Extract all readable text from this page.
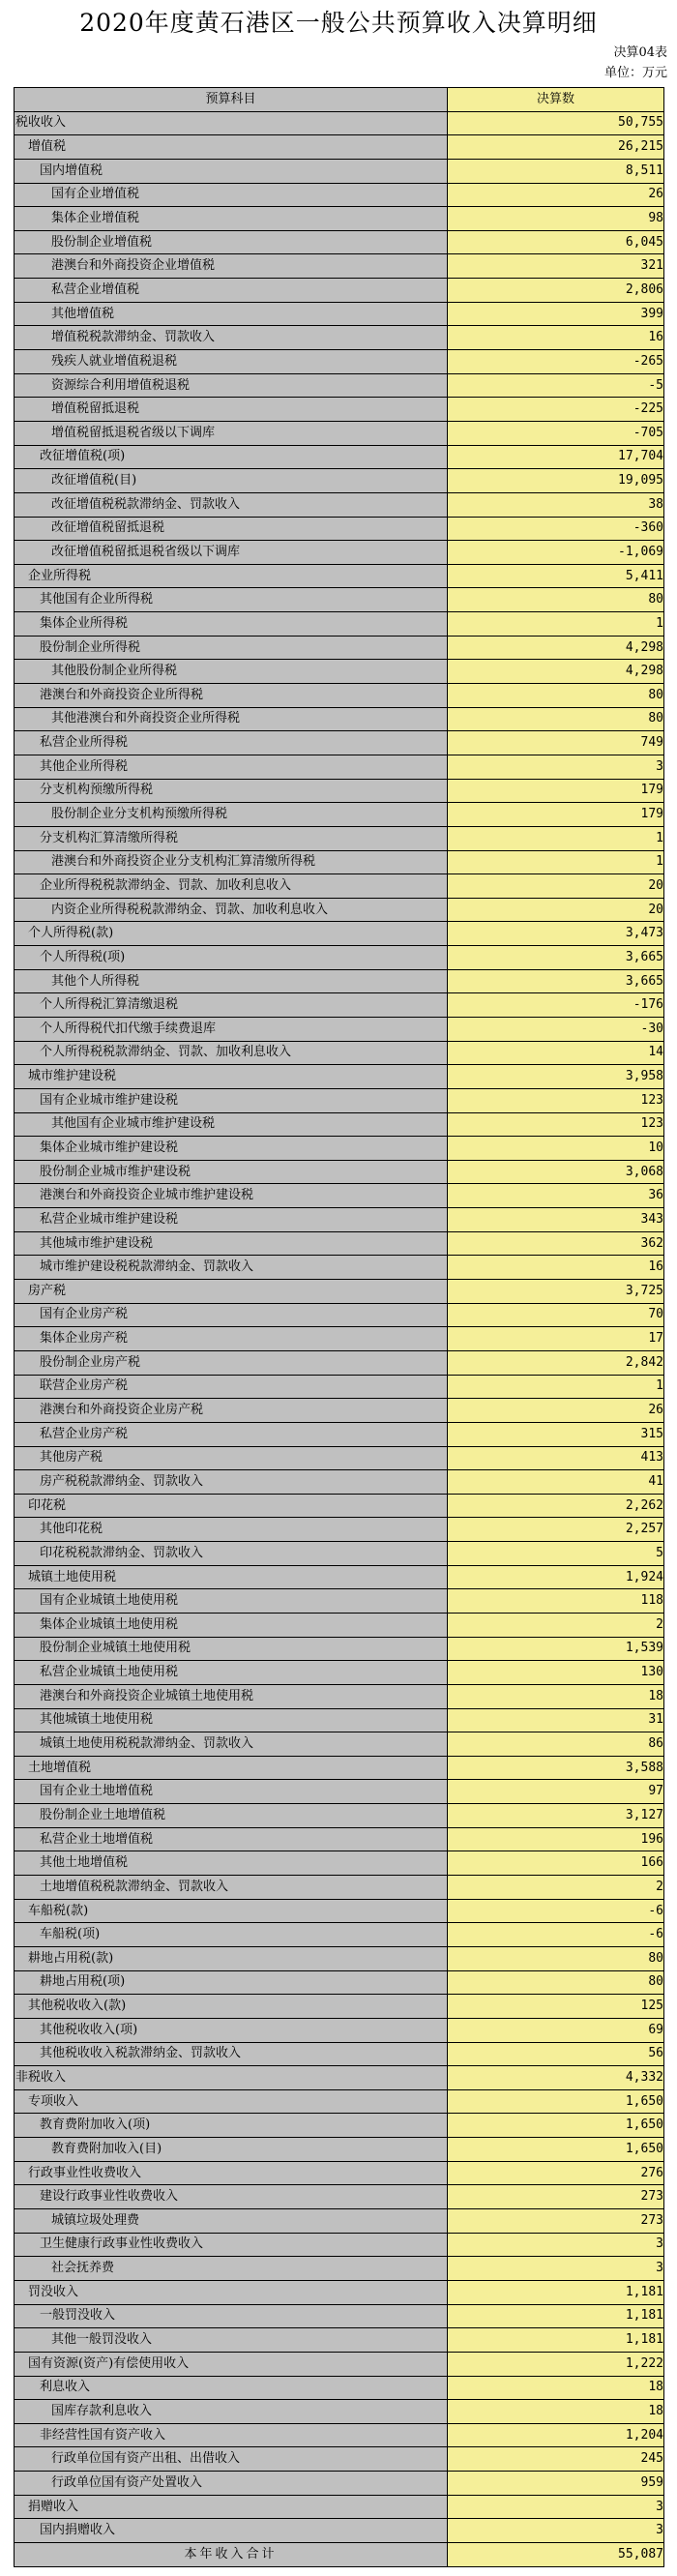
2020年度黄石港区一般公共预算收入决算明细
决算04表
单位：万元
预算科目	决算数
税收收入	50,755
增值税	26,215
国内增值税	8,511
国有企业增值税	26
集体企业增值税	98
股份制企业增值税	6,045
港澳台和外商投资企业增值税	321
私营企业增值税	2,806
其他增值税	399
增值税税款滞纳金、罚款收入	16
残疾人就业增值税退税	-265
资源综合利用增值税退税	-5
增值税留抵退税	-225
增值税留抵退税省级以下调库	-705
改征增值税(项)	17,704
改征增值税(目)	19,095
改征增值税税款滞纳金、罚款收入	38
改征增值税留抵退税	-360
改征增值税留抵退税省级以下调库	-1,069
企业所得税	5,411
其他国有企业所得税	80
集体企业所得税	1
股份制企业所得税	4,298
其他股份制企业所得税	4,298
港澳台和外商投资企业所得税	80
其他港澳台和外商投资企业所得税	80
私营企业所得税	749
其他企业所得税	3
分支机构预缴所得税	179
股份制企业分支机构预缴所得税	179
分支机构汇算清缴所得税	1
港澳台和外商投资企业分支机构汇算清缴所得税	1
企业所得税税款滞纳金、罚款、加收利息收入	20
内资企业所得税税款滞纳金、罚款、加收利息收入	20
个人所得税(款)	3,473
个人所得税(项)	3,665
其他个人所得税	3,665
个人所得税汇算清缴退税	-176
个人所得税代扣代缴手续费退库	-30
个人所得税税款滞纳金、罚款、加收利息收入	14
城市维护建设税	3,958
国有企业城市维护建设税	123
其他国有企业城市维护建设税	123
集体企业城市维护建设税	10
股份制企业城市维护建设税	3,068
港澳台和外商投资企业城市维护建设税	36
私营企业城市维护建设税	343
其他城市维护建设税	362
城市维护建设税税款滞纳金、罚款收入	16
房产税	3,725
国有企业房产税	70
集体企业房产税	17
股份制企业房产税	2,842
联营企业房产税	1
港澳台和外商投资企业房产税	26
私营企业房产税	315
其他房产税	413
房产税税款滞纳金、罚款收入	41
印花税	2,262
其他印花税	2,257
印花税税款滞纳金、罚款收入	5
城镇土地使用税	1,924
国有企业城镇土地使用税	118
集体企业城镇土地使用税	2
股份制企业城镇土地使用税	1,539
私营企业城镇土地使用税	130
港澳台和外商投资企业城镇土地使用税	18
其他城镇土地使用税	31
城镇土地使用税税款滞纳金、罚款收入	86
土地增值税	3,588
国有企业土地增值税	97
股份制企业土地增值税	3,127
私营企业土地增值税	196
其他土地增值税	166
土地增值税税款滞纳金、罚款收入	2
车船税(款)	-6
车船税(项)	-6
耕地占用税(款)	80
耕地占用税(项)	80
其他税收收入(款)	125
其他税收收入(项)	69
其他税收收入税款滞纳金、罚款收入	56
非税收入	4,332
专项收入	1,650
教育费附加收入(项)	1,650
教育费附加收入(目)	1,650
行政事业性收费收入	276
建设行政事业性收费收入	273
城镇垃圾处理费	273
卫生健康行政事业性收费收入	3
社会抚养费	3
罚没收入	1,181
一般罚没收入	1,181
其他一般罚没收入	1,181
国有资源(资产)有偿使用收入	1,222
利息收入	18
国库存款利息收入	18
非经营性国有资产收入	1,204
行政单位国有资产出租、出借收入	245
行政单位国有资产处置收入	959
捐赠收入	3
国内捐赠收入	3
本年收入合计	55,087
